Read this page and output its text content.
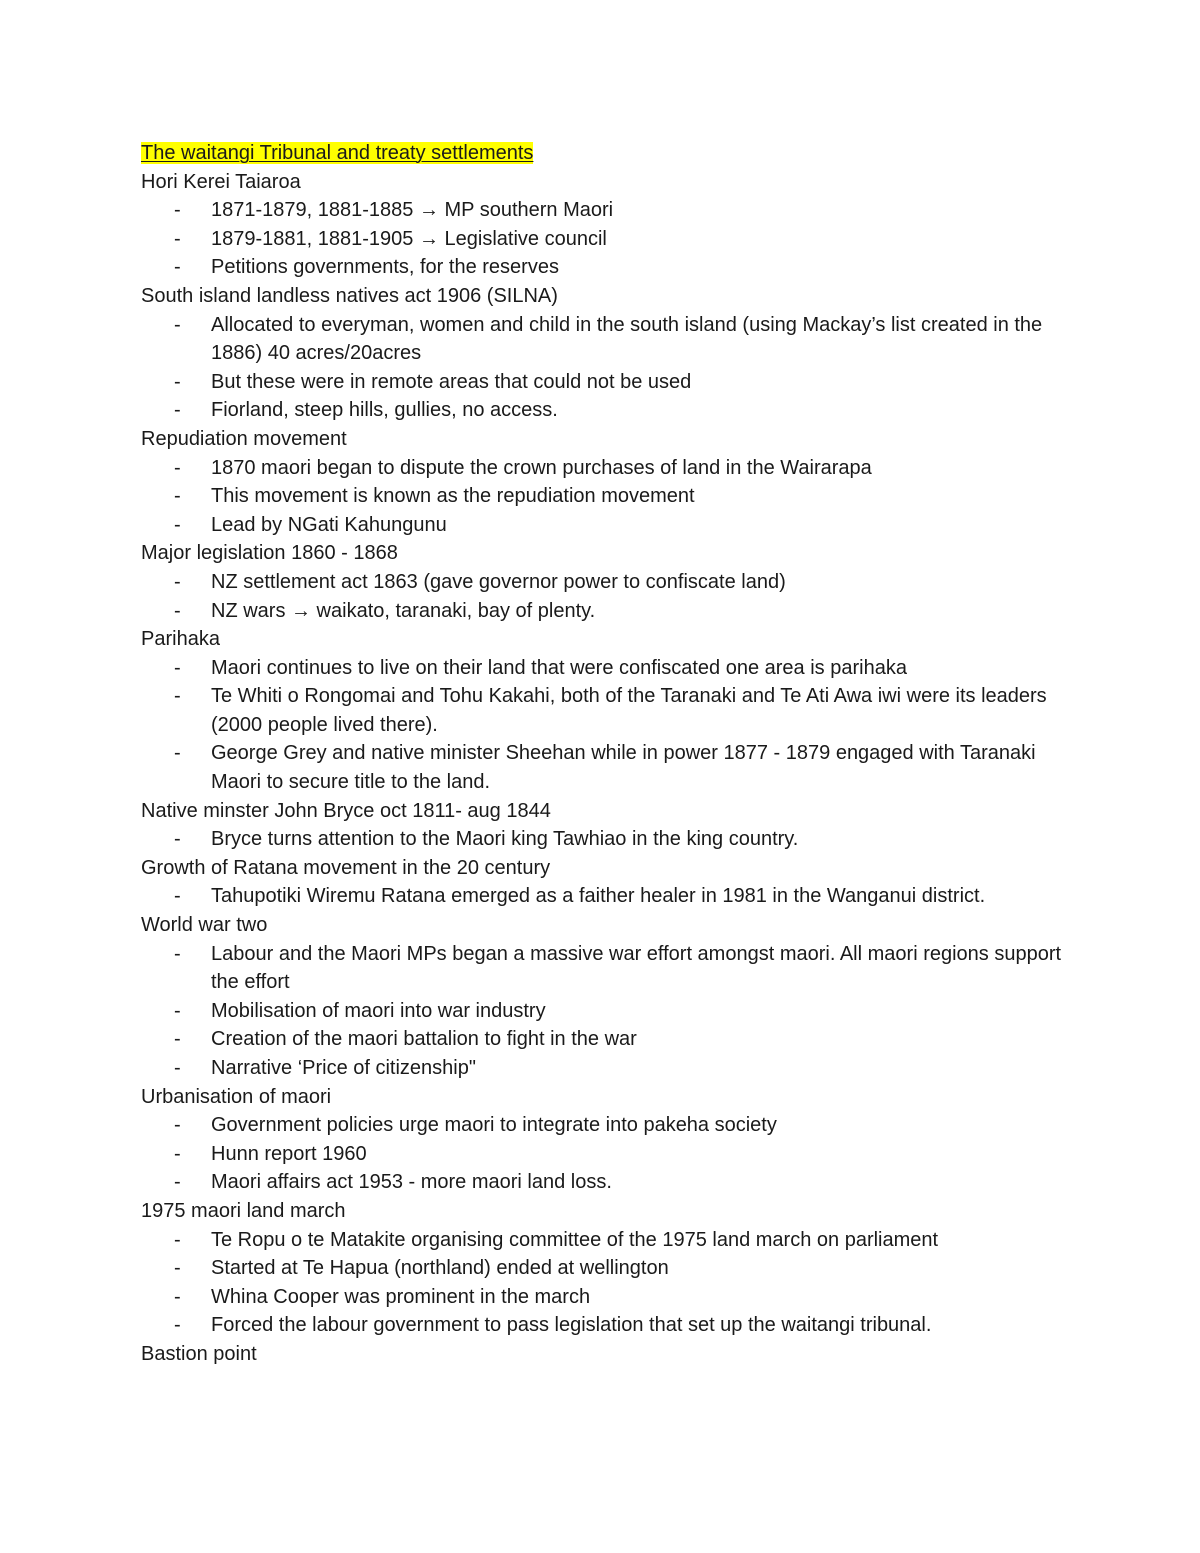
The waitangi Tribunal and treaty settlements

Hori Kerei Taiaroa

- 1871-1879, 1881-1885 → MP southern Maori
- 1879-1881, 1881-1905 → Legislative council
- Petitions governments, for the reserves

South island landless natives act 1906 (SILNA)

- Allocated to everyman, women and child in the south island (using Mackay’s list created in the 1886) 40 acres/20acres
- But these were in remote areas that could not be used
- Fiorland, steep hills, gullies, no access.

Repudiation movement

- 1870 maori began to dispute the crown purchases of land in the Wairarapa
- This movement is known as the repudiation movement
- Lead by NGati Kahungunu

Major legislation 1860 - 1868

- NZ settlement act 1863 (gave governor power to confiscate land)
- NZ wars → waikato, taranaki, bay of plenty.

Parihaka

- Maori continues to live on their land that were confiscated one area is parihaka
- Te Whiti o Rongomai and Tohu Kakahi, both of the Taranaki and Te Ati Awa iwi were its leaders (2000 people lived there).
- George Grey and native minister Sheehan while in power 1877 - 1879 engaged with Taranaki Maori to secure title to the land.

Native minster John Bryce oct 1811- aug 1844

- Bryce turns attention to the Maori king Tawhiao in the king country.

Growth of Ratana movement in the 20 century

- Tahupotiki Wiremu Ratana emerged as a faither healer in 1981 in the Wanganui district.

World war two

- Labour and the Maori MPs began a massive war effort amongst maori. All maori regions support the effort
- Mobilisation of maori into war industry
- Creation of the maori battalion to fight in the war
- Narrative ‘Price of citizenship"

Urbanisation of maori

- Government policies urge maori to integrate into pakeha society
- Hunn report 1960
- Maori affairs act 1953 - more maori land loss.

1975 maori land march

- Te Ropu o te Matakite organising committee of the 1975 land march on parliament
- Started at Te Hapua (northland) ended at wellington
- Whina Cooper was prominent in the march
- Forced the labour government to pass legislation that set up the waitangi tribunal.

Bastion point
